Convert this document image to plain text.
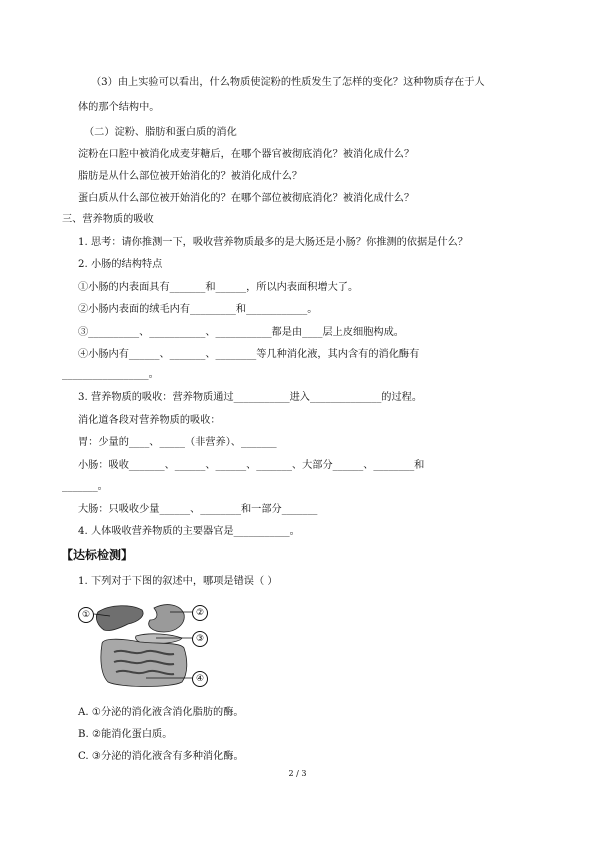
（3）由上实验可以看出，什么物质使淀粉的性质发生了怎样的变化？这种物质存在于人
体的那个结构中。
（二）淀粉、脂肪和蛋白质的消化
淀粉在口腔中被消化成麦芽糖后，在哪个器官被彻底消化？被消化成什么？
脂肪是从什么部位被开始消化的？被消化成什么？
蛋白质从什么部位被开始消化的？在哪个部位被彻底消化？被消化成什么？
三、营养物质的吸收
1. 思考：请你推测一下，吸收营养物质最多的是大肠还是小肠？你推测的依据是什么？
2. 小肠的结构特点
①小肠的内表面具有_______和______，所以内表面积增大了。
②小肠内表面的绒毛内有_________和____________。
③__________、___________、___________都是由____层上皮细胞构成。
④小肠内有______、_______、________等几种消化液，其内含有的消化酶有
_________________。
3. 营养物质的吸收：营养物质通过___________进入______________的过程。
消化道各段对营养物质的吸收：
胃：少量的____、_____（非营养）、_______
小肠：吸收_______、______、______、_______、大部分______、________和
_______。
大肠：只吸收少量______、________和一部分_______
4. 人体吸收营养物质的主要器官是___________。
【达标检测】
1. 下列对于下图的叙述中，哪项是错误（ ）
①	②
③
④
A. ①分泌的消化液含消化脂肪的酶。
B. ②能消化蛋白质。
C. ③分泌的消化液含有多种消化酶。
2 / 3
